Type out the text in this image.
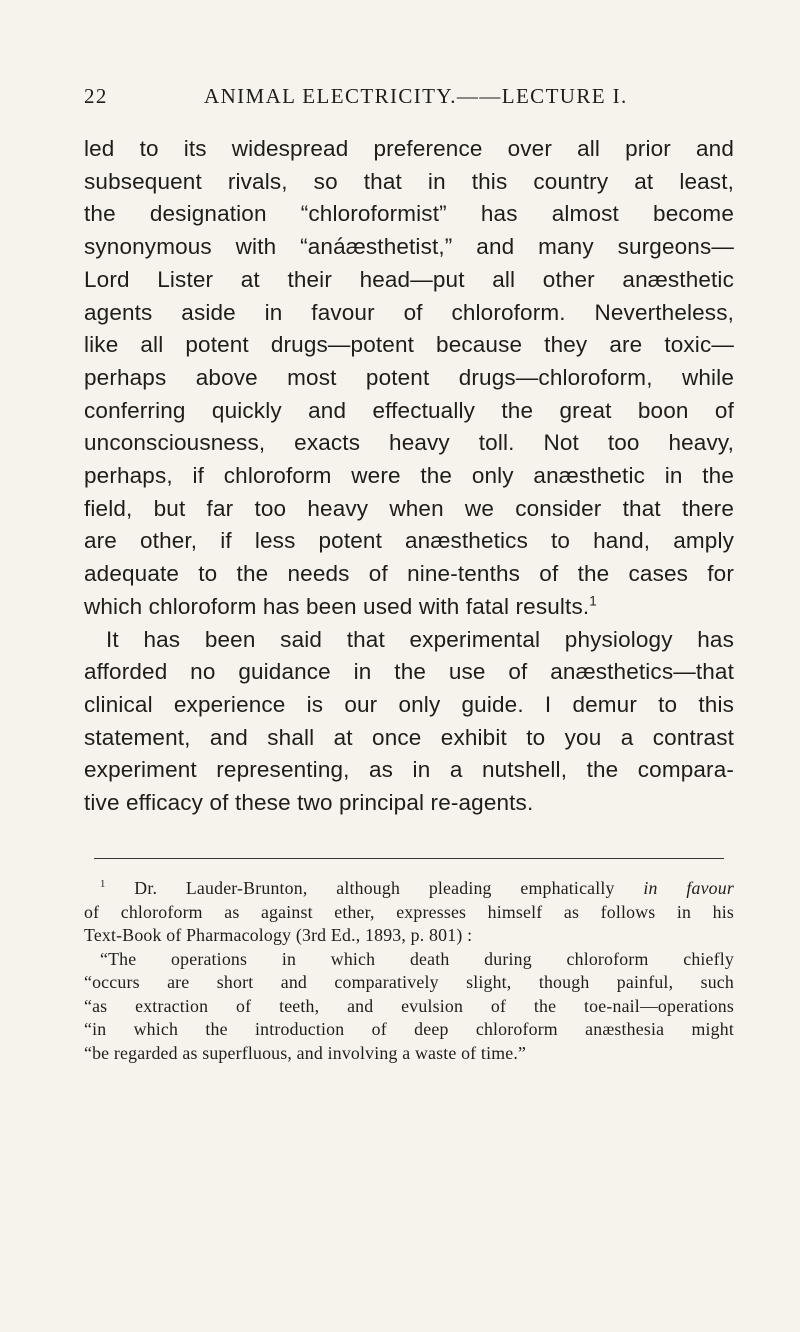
22	ANIMAL ELECTRICITY.——LECTURE I.
led to its widespread preference over all prior and
subsequent rivals, so that in this country at least,
the designation “chloroformist” has almost become
synonymous with “anáæsthetist,” and many surgeons—
Lord Lister at their head—put all other anæsthetic
agents aside in favour of chloroform. Nevertheless,
like all potent drugs—potent because they are toxic—
perhaps above most potent drugs—chloroform, while
conferring quickly and effectually the great boon of
unconsciousness, exacts heavy toll. Not too heavy,
perhaps, if chloroform were the only anæsthetic in the
field, but far too heavy when we consider that there
are other, if less potent anæsthetics to hand, amply
adequate to the needs of nine-tenths of the cases for
which chloroform has been used with fatal results.$^1$
It has been said that experimental physiology has
afforded no guidance in the use of anæsthetics—that
clinical experience is our only guide. I demur to this
statement, and shall at once exhibit to you a contrast
experiment representing, as in a nutshell, the compara-
tive efficacy of these two principal re-agents.
$^1$ Dr. Lauder-Brunton, although pleading emphatically in favour
of chloroform as against ether, expresses himself as follows in his
Text-Book of Pharmacology (3rd Ed., 1893, p. 801) :
“The operations in which death during chloroform chiefly
“occurs are short and comparatively slight, though painful, such
“as extraction of teeth, and evulsion of the toe-nail—operations
“in which the introduction of deep chloroform anæsthesia might
“be regarded as superfluous, and involving a waste of time.”
